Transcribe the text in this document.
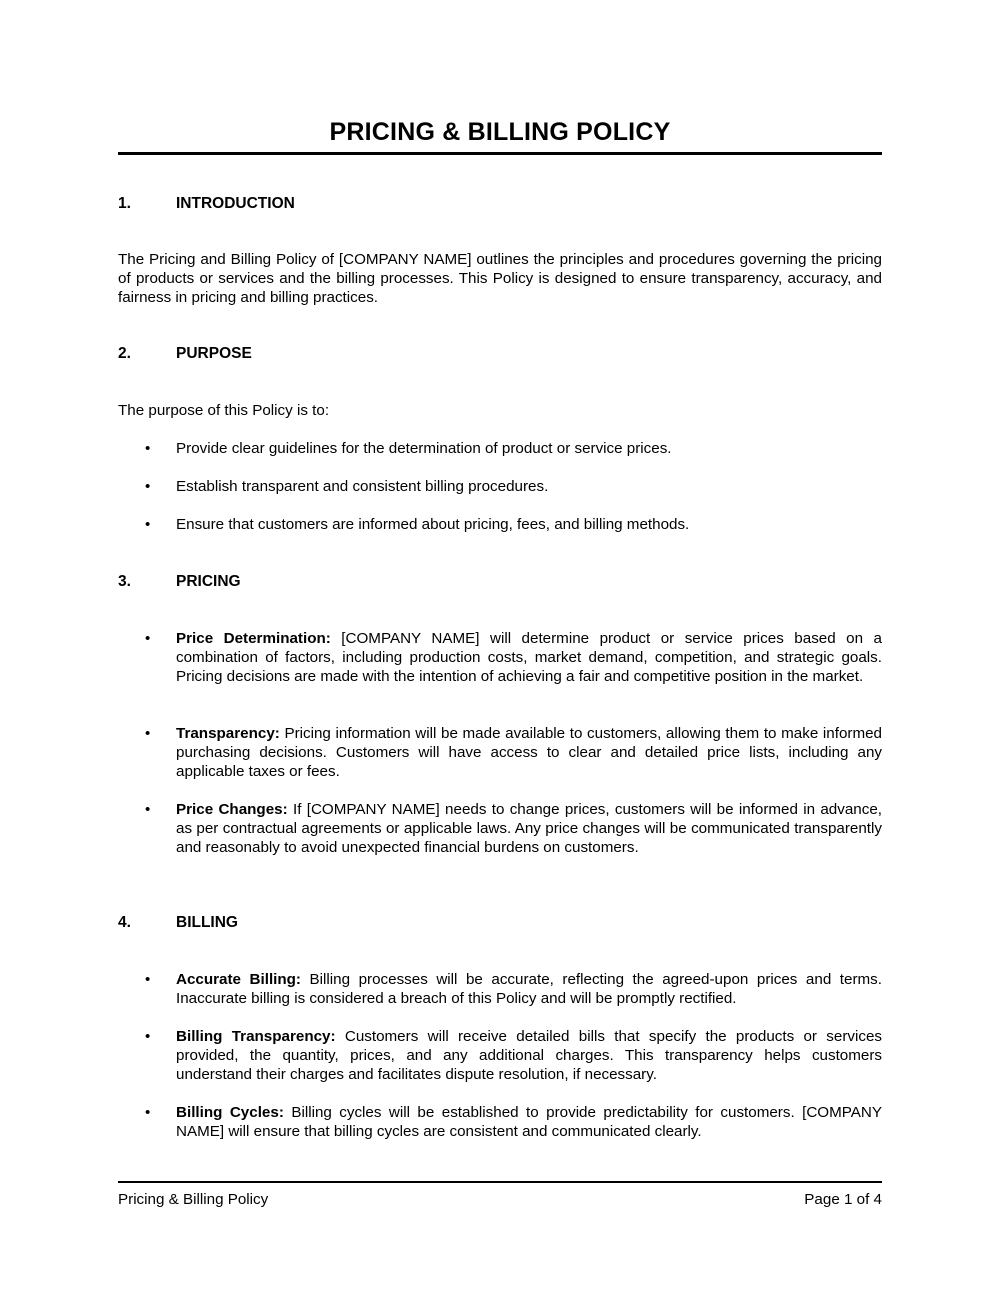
PRICING & BILLING POLICY
1.	INTRODUCTION

The Pricing and Billing Policy of [COMPANY NAME] outlines the principles and procedures governing the pricing of products or services and the billing processes. This Policy is designed to ensure transparency, accuracy, and fairness in pricing and billing practices.

2.	PURPOSE

The purpose of this Policy is to:

•	Provide clear guidelines for the determination of product or service prices.
•	Establish transparent and consistent billing procedures.
•	Ensure that customers are informed about pricing, fees, and billing methods.
3.	PRICING
•	Price Determination: [COMPANY NAME] will determine product or service prices based on a combination of factors, including production costs, market demand, competition, and strategic goals. Pricing decisions are made with the intention of achieving a fair and competitive position in the market.
•	Transparency: Pricing information will be made available to customers, allowing them to make informed purchasing decisions. Customers will have access to clear and detailed price lists, including any applicable taxes or fees.
•	Price Changes: If [COMPANY NAME] needs to change prices, customers will be informed in advance, as per contractual agreements or applicable laws. Any price changes will be communicated transparently and reasonably to avoid unexpected financial burdens on customers.
4.	BILLING
•	Accurate Billing: Billing processes will be accurate, reflecting the agreed-upon prices and terms. Inaccurate billing is considered a breach of this Policy and will be promptly rectified.
•	Billing Transparency: Customers will receive detailed bills that specify the products or services provided, the quantity, prices, and any additional charges. This transparency helps customers understand their charges and facilitates dispute resolution, if necessary.
•	Billing Cycles: Billing cycles will be established to provide predictability for customers. [COMPANY NAME] will ensure that billing cycles are consistent and communicated clearly.
Pricing & Billing Policy	Page 1 of 4
